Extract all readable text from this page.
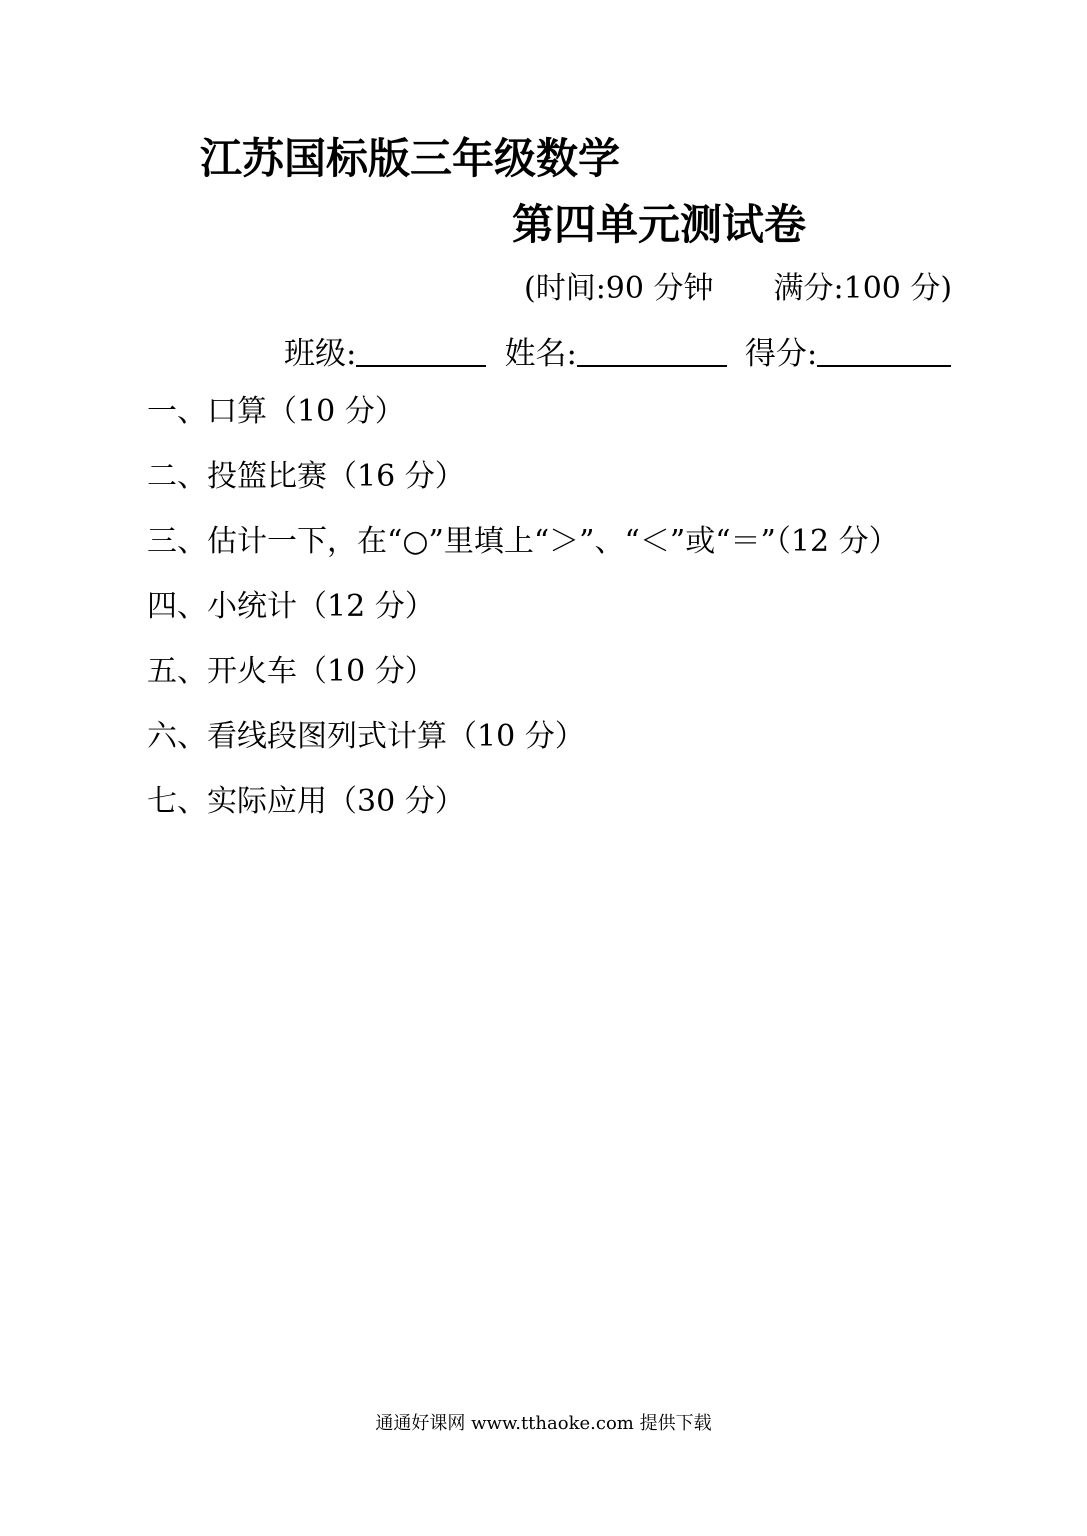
江苏国标版三年级数学
第四单元测试卷
(时间:90 分钟 满分:100 分)
班级:	姓名:	得分:
一、口算（10 分）
二、投篮比赛（16 分）
三、估计一下，在“○”里填上“＞”、“＜”或“＝”（12 分）
四、小统计（12 分）
五、开火车（10 分）
六、看线段图列式计算（10 分）
七、实际应用（30 分）
通通好课网 www.tthaoke.com 提供下载
